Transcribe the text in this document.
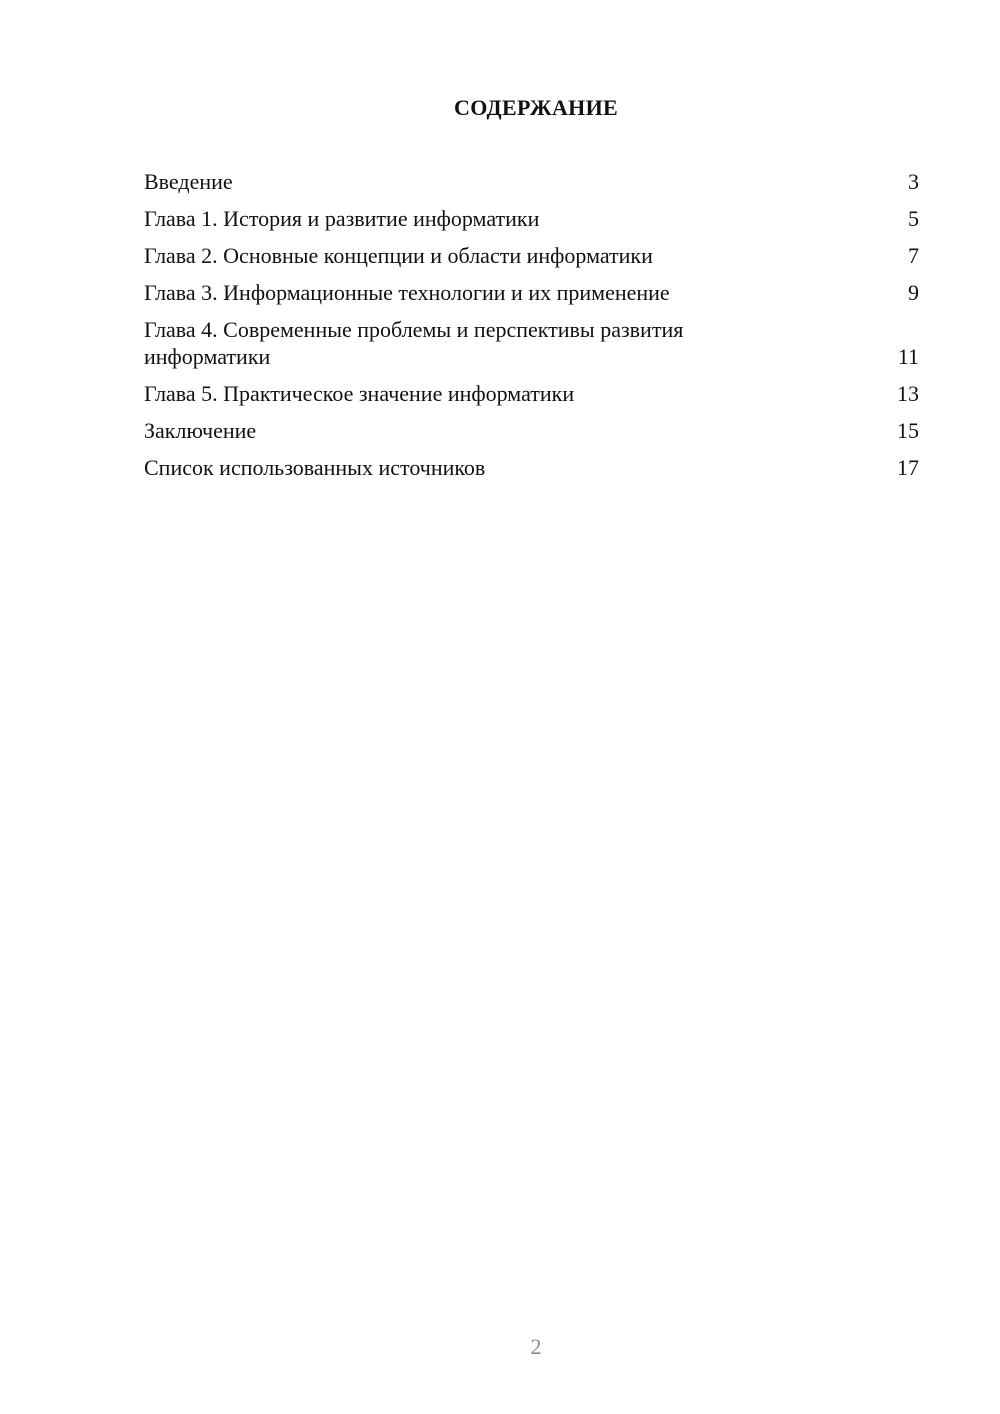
СОДЕРЖАНИЕ
Введение	3
Глава 1. История и развитие информатики	5
Глава 2. Основные концепции и области информатики	7
Глава 3. Информационные технологии и их применение	9
Глава 4. Современные проблемы и перспективы развития информатики	11
Глава 5. Практическое значение информатики	13
Заключение	15
Список использованных источников	17
2
